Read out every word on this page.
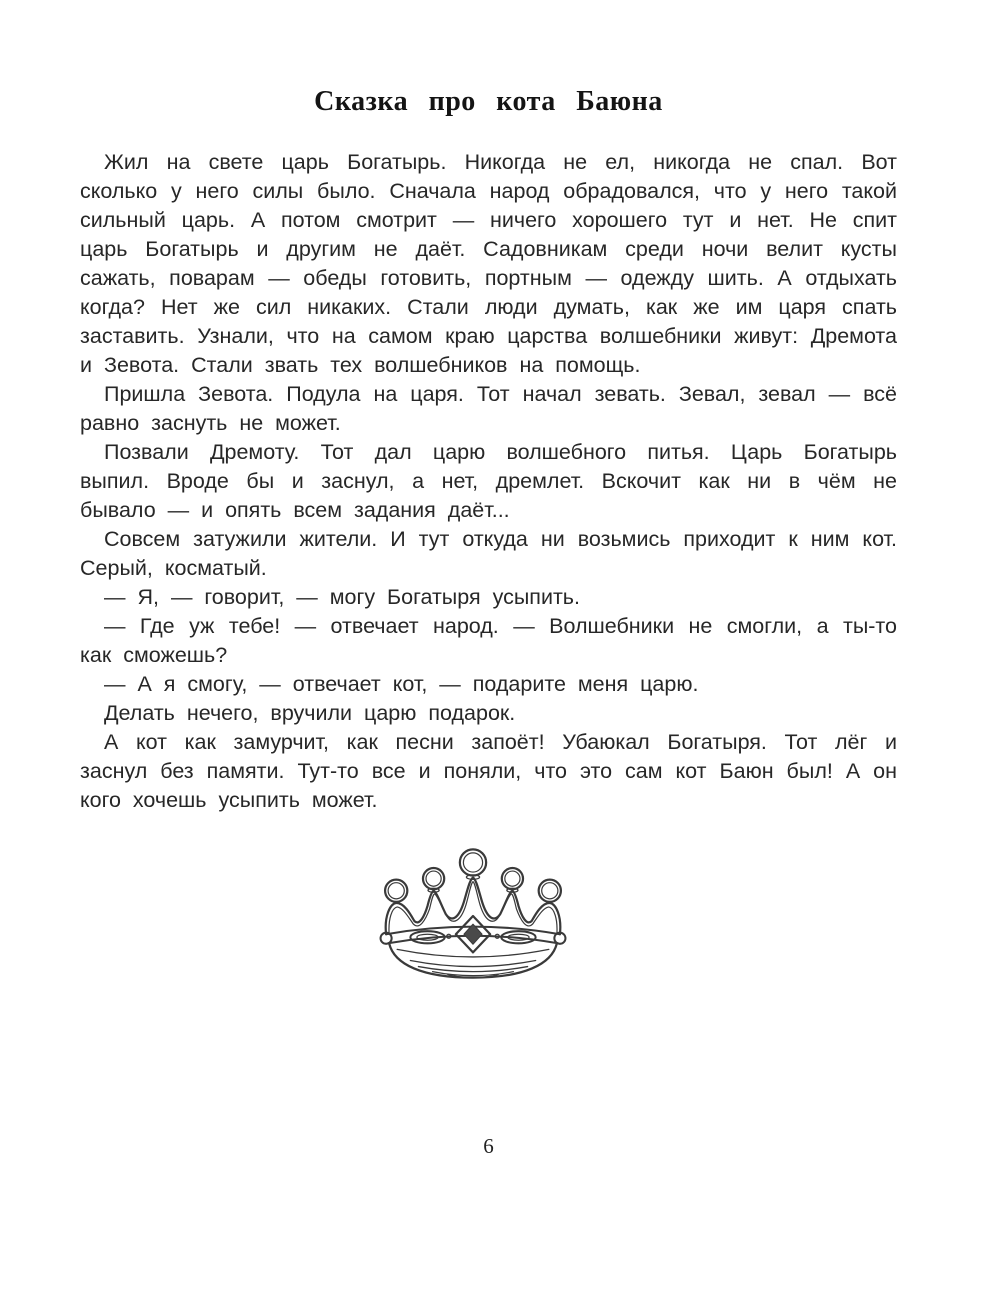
Сказка про кота Баюна

Жил на свете царь Богатырь. Никогда не ел, никогда не спал. Вот сколько у него силы было. Сначала народ обрадовался, что у него такой сильный царь. А потом смотрит — ничего хорошего тут и нет. Не спит царь Богатырь и другим не даёт. Садовникам среди ночи велит кусты сажать, поварам — обеды готовить, портным — одежду шить. А отдыхать когда? Нет же сил никаких. Стали люди думать, как же им царя спать заставить. Узнали, что на самом краю царства волшебники живут: Дремота и Зевота. Стали звать тех волшебников на помощь.

Пришла Зевота. Подула на царя. Тот начал зевать. Зевал, зевал — всё равно заснуть не может.

Позвали Дремоту. Тот дал царю волшебного питья. Царь Богатырь выпил. Вроде бы и заснул, а нет, дремлет. Вскочит как ни в чём не бывало — и опять всем задания даёт...

Совсем затужили жители. И тут откуда ни возьмись приходит к ним кот. Серый, косматый.

— Я, — говорит, — могу Богатыря усыпить.

— Где уж тебе! — отвечает народ. — Волшебники не смогли, а ты-то как сможешь?

— А я смогу, — отвечает кот, — подарите меня царю.

Делать нечего, вручили царю подарок.

А кот как замурчит, как песни запоёт! Убаюкал Богатыря. Тот лёг и заснул без памяти. Тут-то все и поняли, что это сам кот Баюн был! А он кого хочешь усыпить может.

6
